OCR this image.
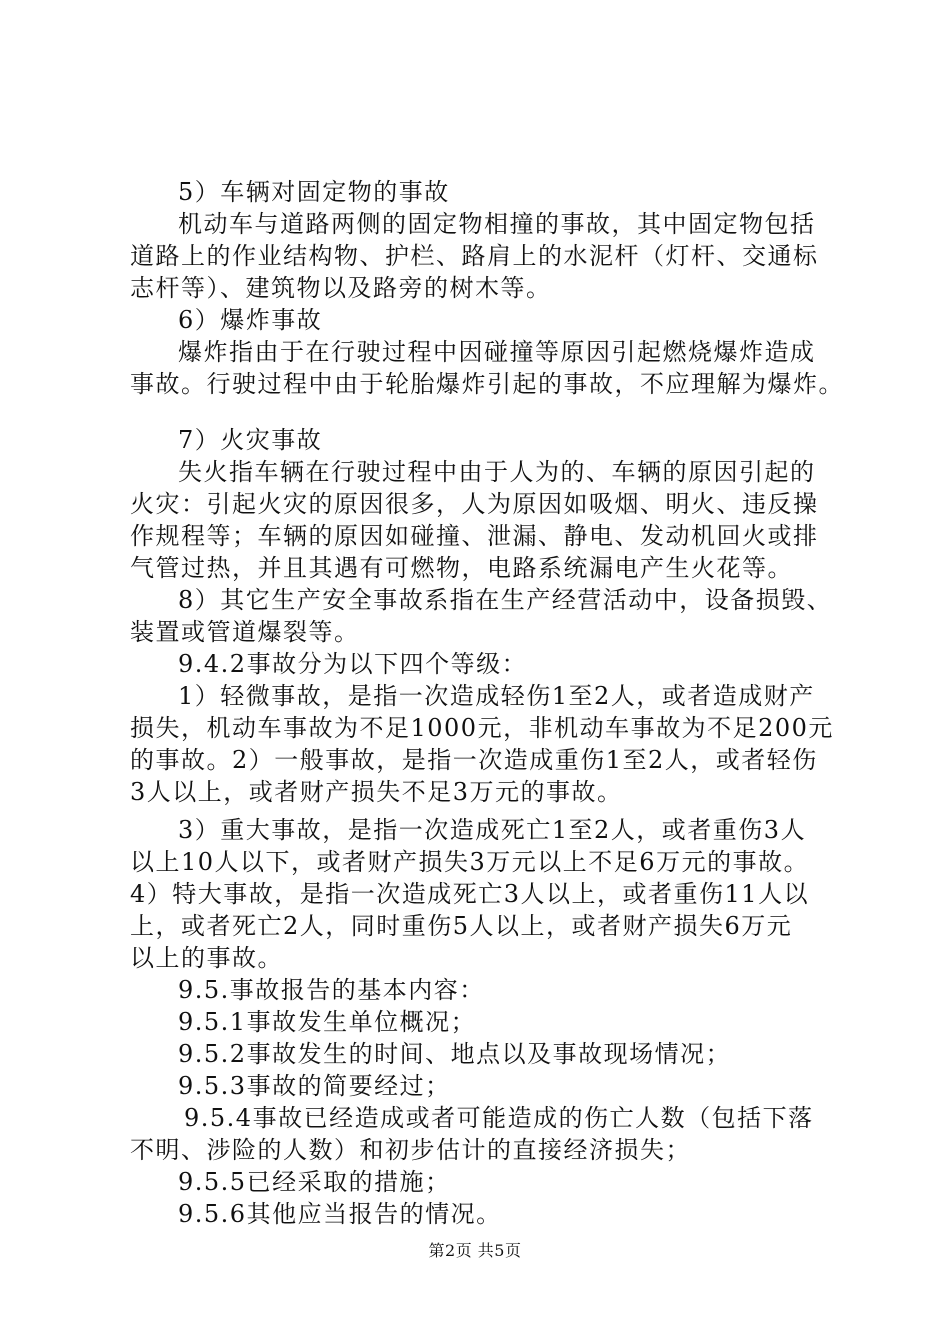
5）车辆对固定物的事故
机动车与道路两侧的固定物相撞的事故，其中固定物包括
道路上的作业结构物、护栏、路肩上的水泥杆（灯杆、交通标
志杆等）、建筑物以及路旁的树木等。
6）爆炸事故
爆炸指由于在行驶过程中因碰撞等原因引起燃烧爆炸造成
事故。行驶过程中由于轮胎爆炸引起的事故，不应理解为爆炸。
7）火灾事故
失火指车辆在行驶过程中由于人为的、车辆的原因引起的
火灾：引起火灾的原因很多，人为原因如吸烟、明火、违反操
作规程等；车辆的原因如碰撞、泄漏、静电、发动机回火或排
气管过热，并且其遇有可燃物，电路系统漏电产生火花等。
8）其它生产安全事故系指在生产经营活动中，设备损毁、
装置或管道爆裂等。
9.4.2事故分为以下四个等级：
1）轻微事故，是指一次造成轻伤1至2人，或者造成财产
损失，机动车事故为不足1000元，非机动车事故为不足200元
的事故。2）一般事故，是指一次造成重伤1至2人，或者轻伤
3人以上，或者财产损失不足3万元的事故。
3）重大事故，是指一次造成死亡1至2人，或者重伤3人
以上10人以下，或者财产损失3万元以上不足6万元的事故。
4）特大事故，是指一次造成死亡3人以上，或者重伤11人以
上，或者死亡2人，同时重伤5人以上，或者财产损失6万元
以上的事故。
9.5.事故报告的基本内容：
9.5.1事故发生单位概况；
9.5.2事故发生的时间、地点以及事故现场情况；
9.5.3事故的简要经过；
9.5.4事故已经造成或者可能造成的伤亡人数（包括下落
不明、涉险的人数）和初步估计的直接经济损失；
9.5.5已经采取的措施；
9.5.6其他应当报告的情况。
第2页 共5页
